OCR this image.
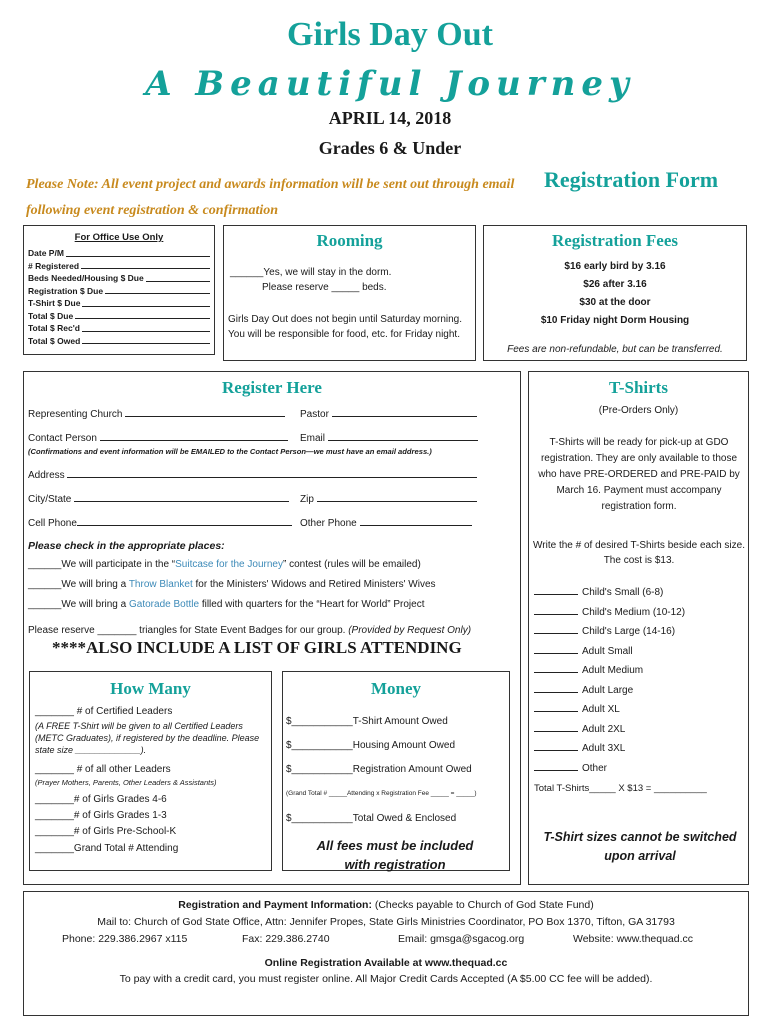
Girls Day Out
A Beautiful Journey
APRIL 14, 2018
Grades 6 & Under
Please Note: All event project and awards information will be sent out through email following event registration & confirmation
Registration Form
For Office Use Only
Date P/M
# Registered
Beds Needed/Housing $ Due
Registration $ Due
T-Shirt $ Due
Total $ Due
Total $ Rec'd
Total $ Owed
Rooming
______Yes, we will stay in the dorm.
Please reserve _____ beds.
Girls Day Out does not begin until Saturday morning. You will be responsible for food, etc. for Friday night.
Registration Fees
$16 early bird by 3.16
$26 after 3.16
$30 at the door
$10 Friday night Dorm Housing
Fees are non-refundable, but can be transferred.
Register Here
Representing Church	Pastor
Contact Person	Email
(Confirmations and event information will be EMAILED to the Contact Person—we must have an email address.)
Address
City/State	Zip
Cell Phone	Other Phone
Please check in the appropriate places:
______We will participate in the “Suitcase for the Journey” contest (rules will be emailed)
______We will bring a Throw Blanket for the Ministers' Widows and Retired Ministers' Wives
______We will bring a Gatorade Bottle filled with quarters for the “Heart for World” Project
Please reserve _______ triangles for State Event Badges for our group. (Provided by Request Only)
****ALSO INCLUDE A LIST OF GIRLS ATTENDING
How Many
_______ # of Certified Leaders
(A FREE T-Shirt will be given to all Certified Leaders (METC Graduates), if registered by the deadline. Please state size _____________).
_______ # of all other Leaders
(Prayer Mothers, Parents, Other Leaders & Assistants)
_______# of Girls Grades 4-6
_______# of Girls Grades 1-3
_______# of Girls Pre-School-K
_______Grand Total # Attending
Money
$___________T-Shirt Amount Owed
$___________Housing Amount Owed
$___________Registration Amount Owed
(Grand Total # _____Attending x Registration Fee _____ = _____)
$___________Total Owed & Enclosed
All fees must be included with registration
T-Shirts
(Pre-Orders Only)
T-Shirts will be ready for pick-up at GDO registration. They are only available to those who have PRE-ORDERED and PRE-PAID by March 16. Payment must accompany registration form.
Write the # of desired T-Shirts beside each size. The cost is $13.
Child's Small (6-8)
Child's Medium (10-12)
Child's Large (14-16)
Adult Small
Adult Medium
Adult Large
Adult XL
Adult 2XL
Adult 3XL
Other
Total T-Shirts_____ X $13 = __________
T-Shirt sizes cannot be switched upon arrival
Registration and Payment Information: (Checks payable to Church of God State Fund)
Mail to: Church of God State Office, Attn: Jennifer Propes, State Girls Ministries Coordinator, PO Box 1370, Tifton, GA 31793
Phone: 229.386.2967 x115	Fax: 229.386.2740	Email: gmsga@sgacog.org	Website: www.thequad.cc
Online Registration Available at www.thequad.cc
To pay with a credit card, you must register online. All Major Credit Cards Accepted (A $5.00 CC fee will be added).
